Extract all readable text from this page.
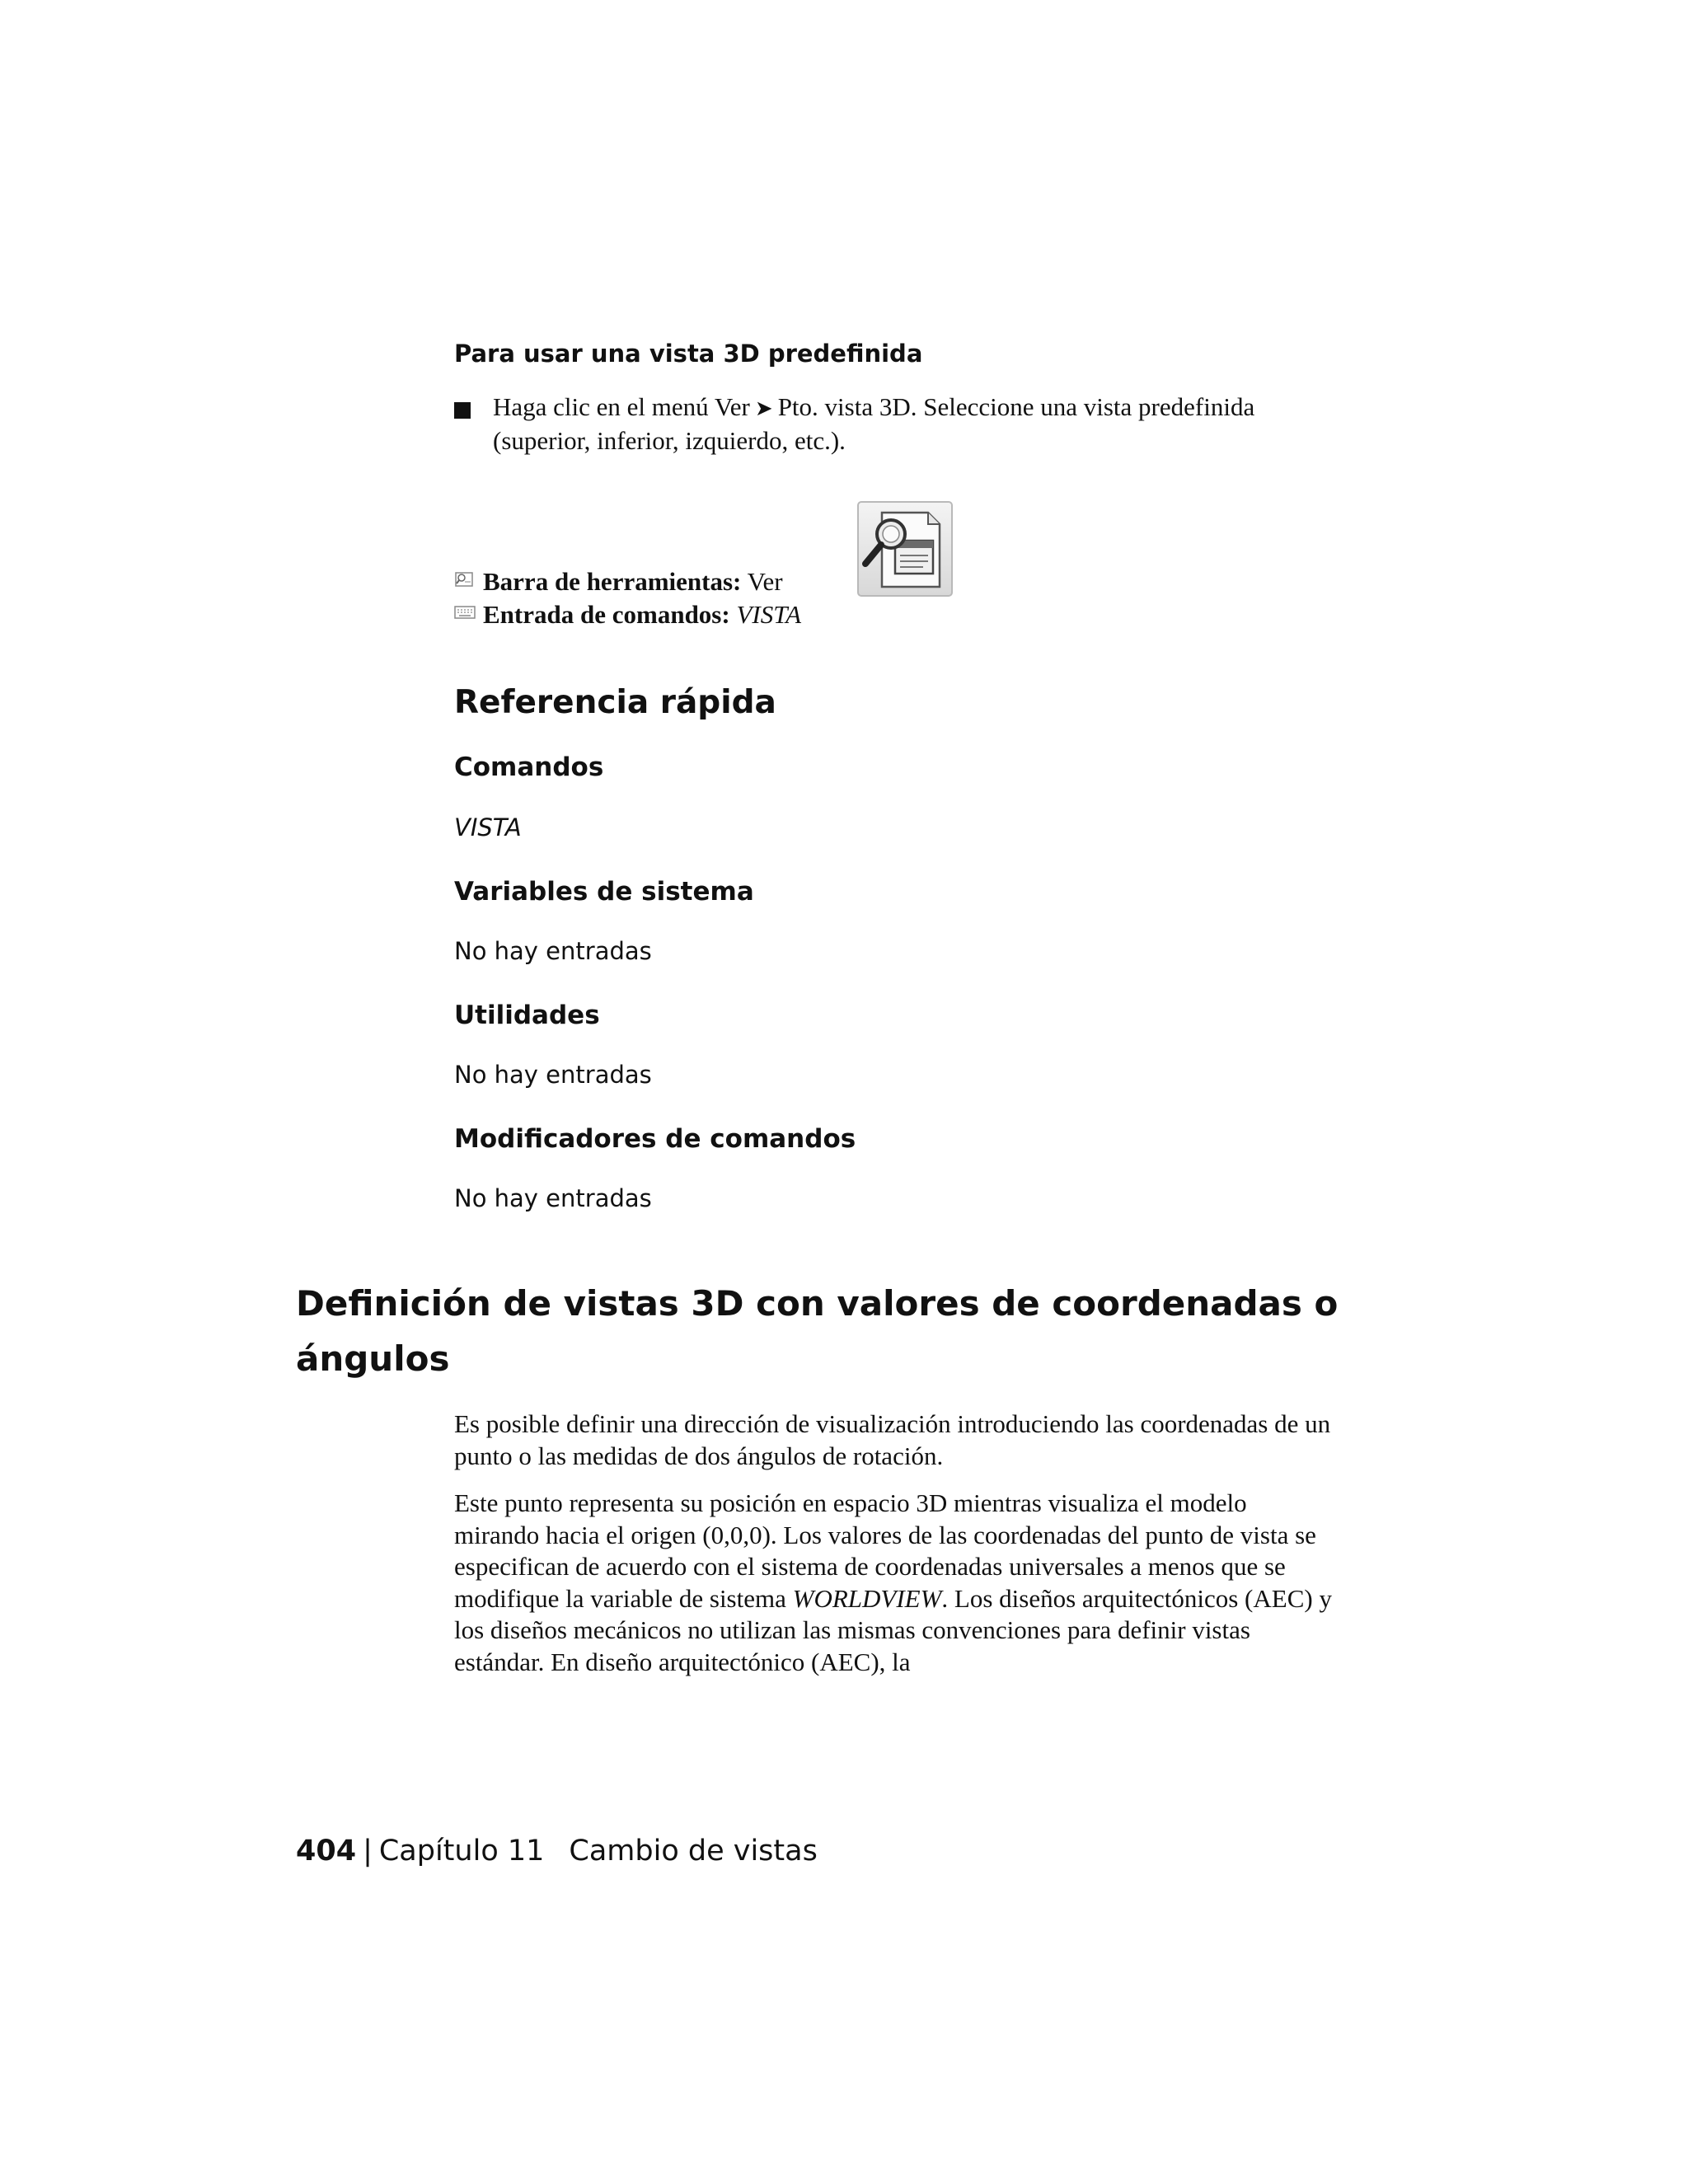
Para usar una vista 3D predefinida
Haga clic en el menú Ver ➤ Pto. vista 3D. Seleccione una vista predefinida (superior, inferior, izquierdo, etc.).
Barra de herramientas: Ver
Entrada de comandos: VISTA
Referencia rápida
Comandos
VISTA
Variables de sistema
No hay entradas
Utilidades
No hay entradas
Modificadores de comandos
No hay entradas
Definición de vistas 3D con valores de coordenadas o ángulos
Es posible definir una dirección de visualización introduciendo las coordenadas de un punto o las medidas de dos ángulos de rotación.
Este punto representa su posición en espacio 3D mientras visualiza el modelo mirando hacia el origen (0,0,0). Los valores de las coordenadas del punto de vista se especifican de acuerdo con el sistema de coordenadas universales a menos que se modifique la variable de sistema WORLDVIEW. Los diseños arquitectónicos (AEC) y los diseños mecánicos no utilizan las mismas convenciones para definir vistas estándar. En diseño arquitectónico (AEC), la
404 | Capítulo 11 Cambio de vistas
